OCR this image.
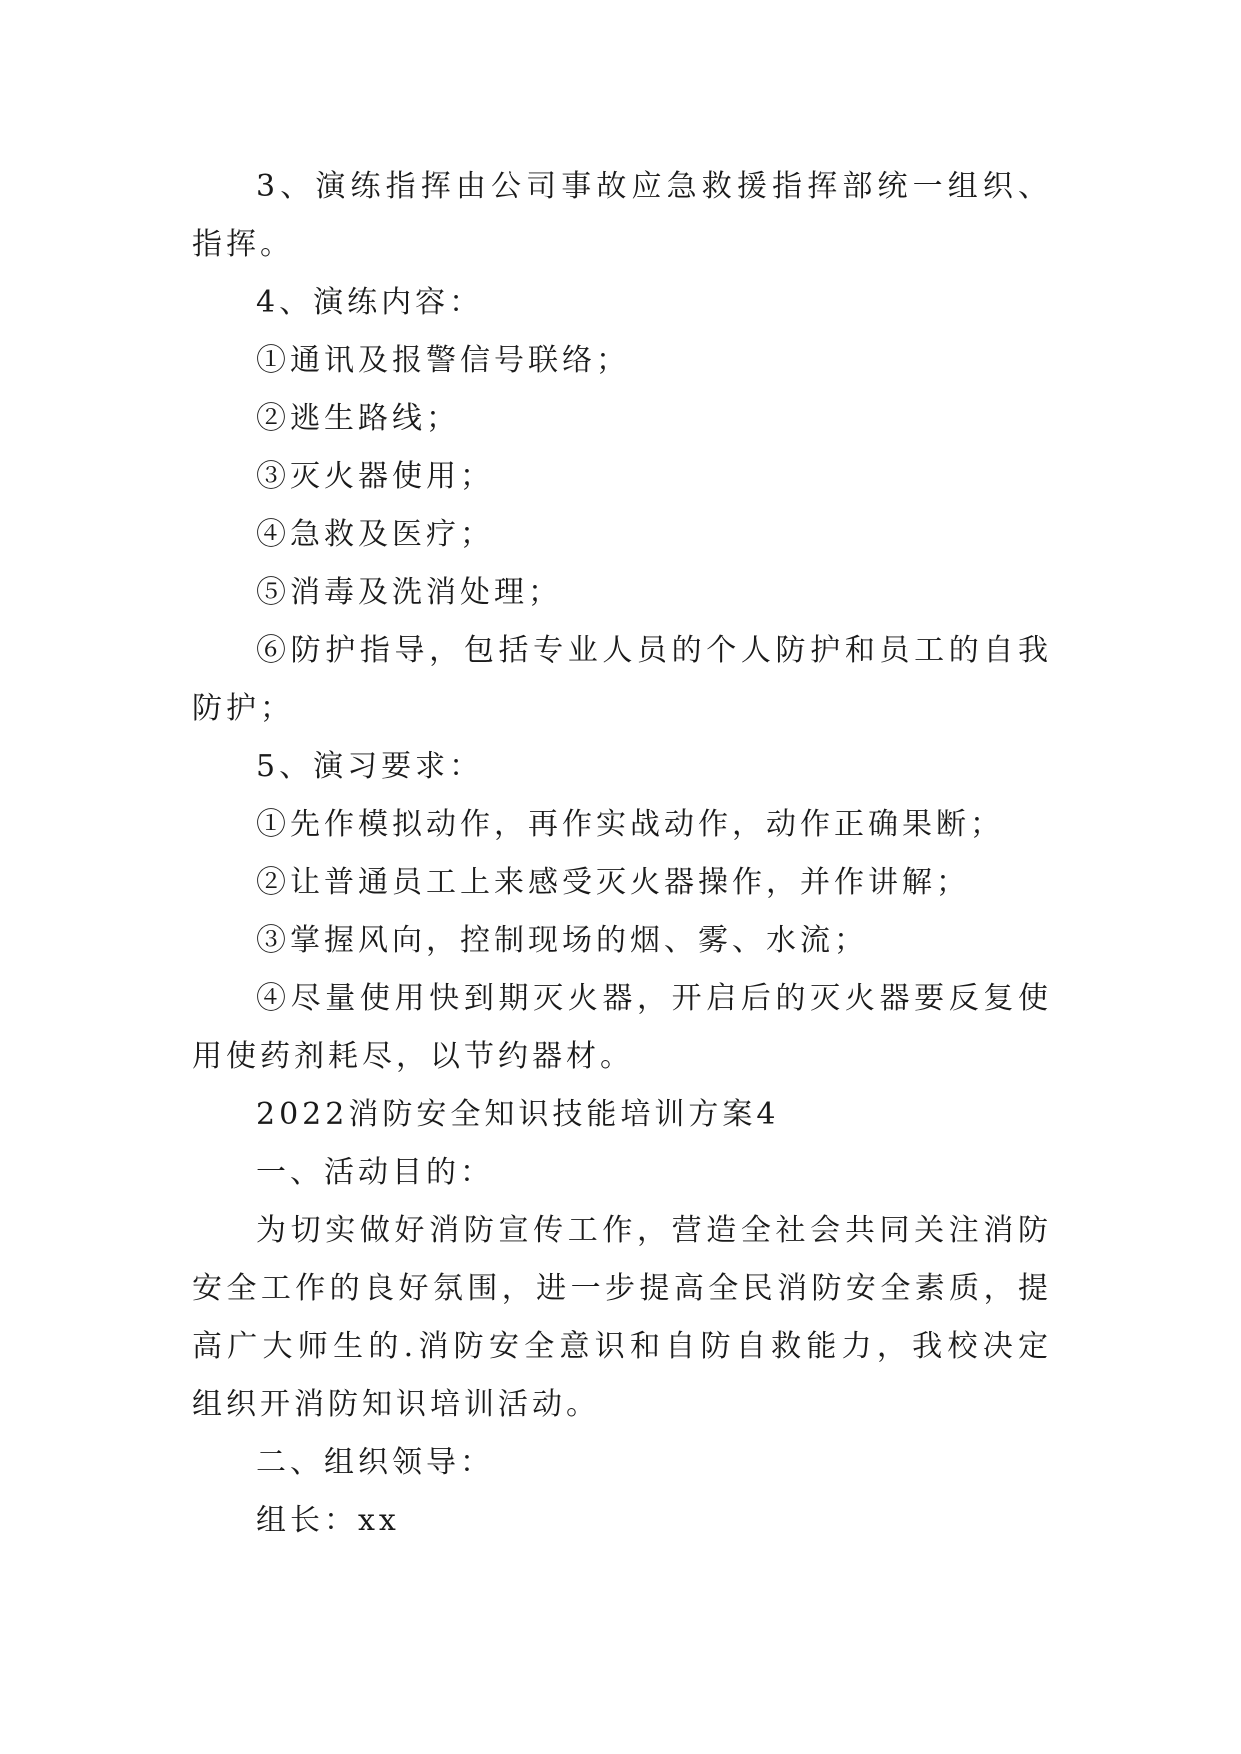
3、演练指挥由公司事故应急救援指挥部统一组织、指挥。

4、演练内容：

①通讯及报警信号联络；

②逃生路线；

③灭火器使用；

④急救及医疗；

⑤消毒及洗消处理；

⑥防护指导，包括专业人员的个人防护和员工的自我防护；

5、演习要求：

①先作模拟动作，再作实战动作，动作正确果断；

②让普通员工上来感受灭火器操作，并作讲解；

③掌握风向，控制现场的烟、雾、水流；

④尽量使用快到期灭火器，开启后的灭火器要反复使用使药剂耗尽，以节约器材。

2022消防安全知识技能培训方案4

一、活动目的：

为切实做好消防宣传工作，营造全社会共同关注消防安全工作的良好氛围，进一步提高全民消防安全素质，提高广大师生的.消防安全意识和自防自救能力，我校决定组织开消防知识培训活动。

二、组织领导：

组长：xx
